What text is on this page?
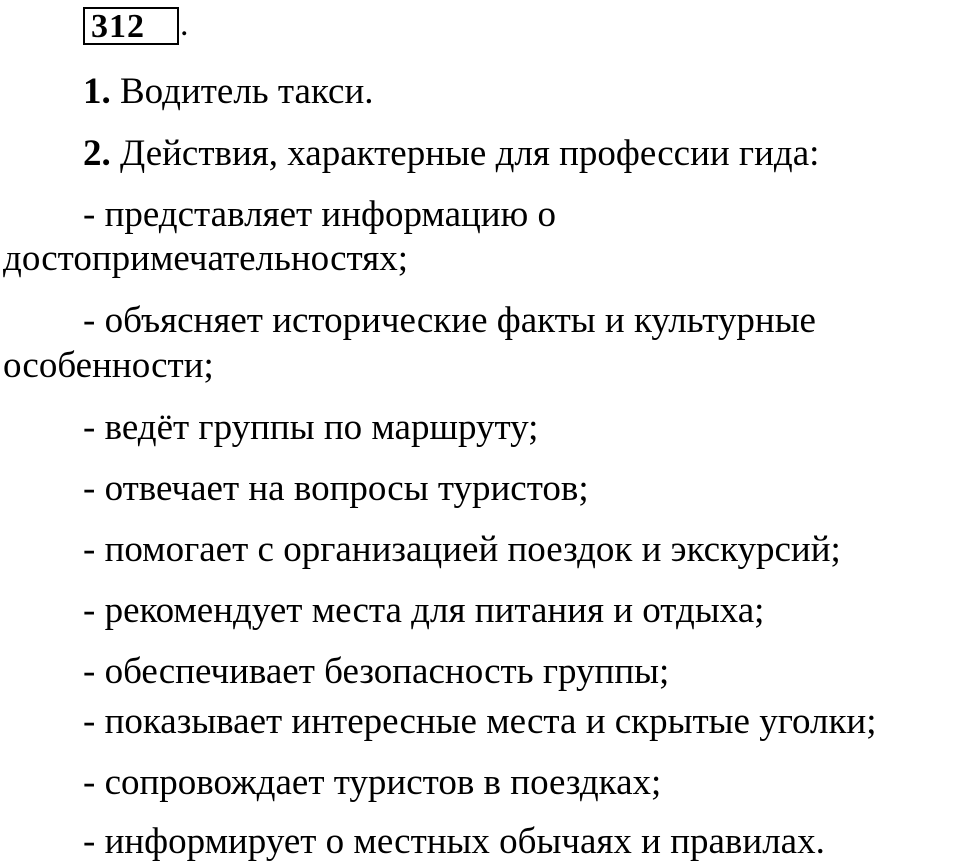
312	.
1. Водитель такси.
2. Действия, характерные для профессии гида:
- представляет информацию о
достопримечательностях;
- объясняет исторические факты и культурные
особенности;
- ведёт группы по маршруту;
- отвечает на вопросы туристов;
- помогает с организацией поездок и экскурсий;
- рекомендует места для питания и отдыха;
- обеспечивает безопасность группы;
- показывает интересные места и скрытые уголки;
- сопровождает туристов в поездках;
- информирует о местных обычаях и правилах.
